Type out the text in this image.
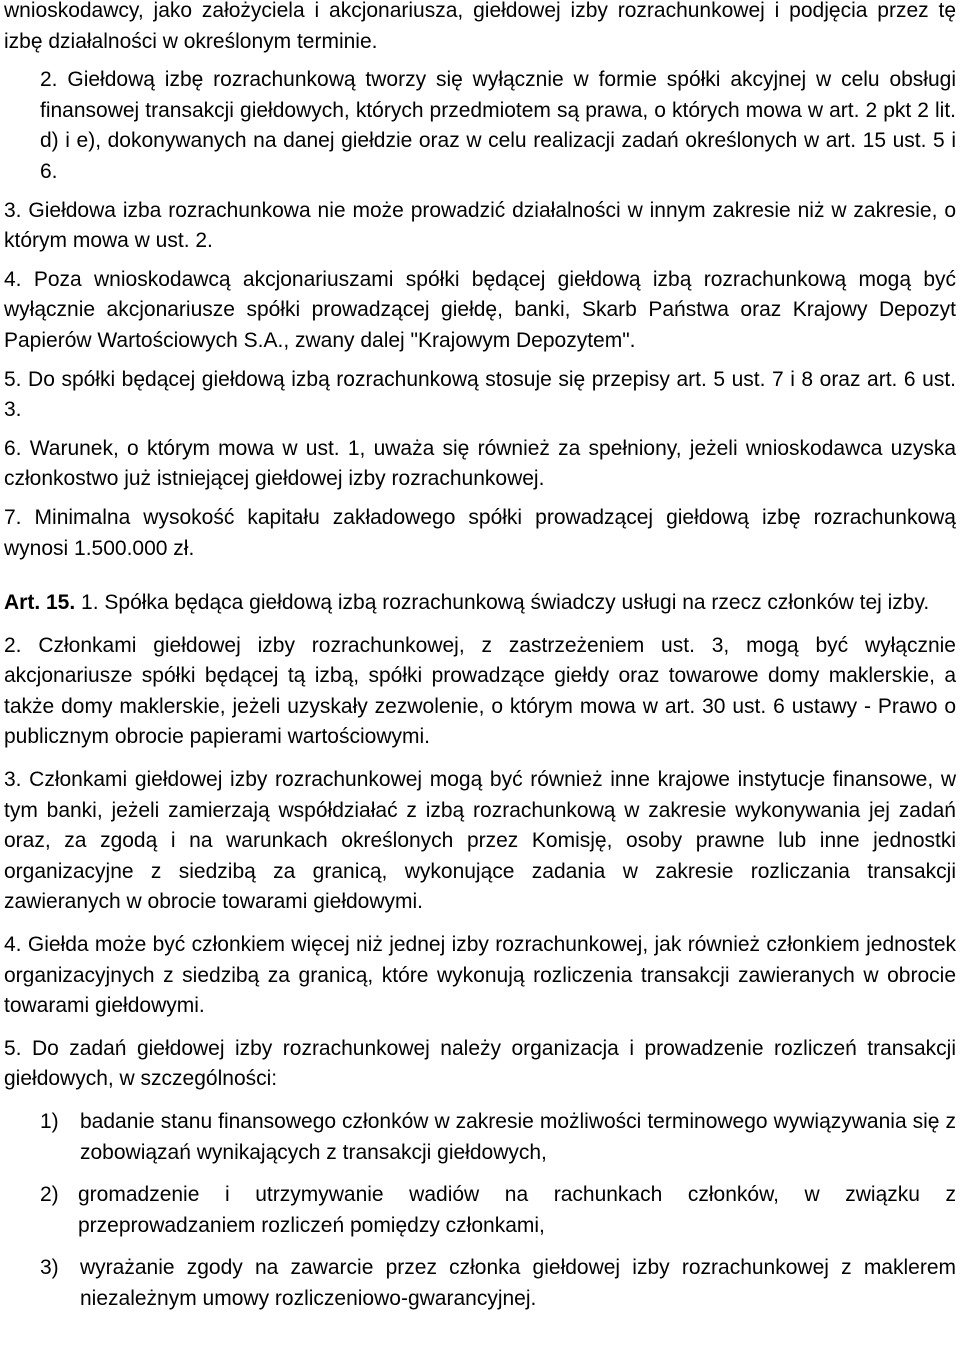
wnioskodawcy, jako założyciela i akcjonariusza, giełdowej izby rozrachunkowej i podjęcia przez tę izbę działalności w określonym terminie.

2. Giełdową izbę rozrachunkową tworzy się wyłącznie w formie spółki akcyjnej w celu obsługi finansowej transakcji giełdowych, których przedmiotem są prawa, o których mowa w art. 2 pkt 2 lit. d) i e), dokonywanych na danej giełdzie oraz w celu realizacji zadań określonych w art. 15 ust. 5 i 6.

3. Giełdowa izba rozrachunkowa nie może prowadzić działalności w innym zakresie niż w zakresie, o którym mowa w ust. 2.

4. Poza wnioskodawcą akcjonariuszami spółki będącej giełdową izbą rozrachunkową mogą być wyłącznie akcjonariusze spółki prowadzącej giełdę, banki, Skarb Państwa oraz Krajowy Depozyt Papierów Wartościowych S.A., zwany dalej "Krajowym Depozytem".

5. Do spółki będącej giełdową izbą rozrachunkową stosuje się przepisy art. 5 ust. 7 i 8 oraz art. 6 ust. 3.

6. Warunek, o którym mowa w ust. 1, uważa się również za spełniony, jeżeli wnioskodawca uzyska członkostwo już istniejącej giełdowej izby rozrachunkowej.

7. Minimalna wysokość kapitału zakładowego spółki prowadzącej giełdową izbę rozrachunkową wynosi 1.500.000 zł.

Art. 15. 1. Spółka będąca giełdową izbą rozrachunkową świadczy usługi na rzecz członków tej izby.

2. Członkami giełdowej izby rozrachunkowej, z zastrzeżeniem ust. 3, mogą być wyłącznie akcjonariusze spółki będącej tą izbą, spółki prowadzące giełdy oraz towarowe domy maklerskie, a także domy maklerskie, jeżeli uzyskały zezwolenie, o którym mowa w art. 30 ust. 6 ustawy - Prawo o publicznym obrocie papierami wartościowymi.

3. Członkami giełdowej izby rozrachunkowej mogą być również inne krajowe instytucje finansowe, w tym banki, jeżeli zamierzają współdziałać z izbą rozrachunkową w zakresie wykonywania jej zadań oraz, za zgodą i na warunkach określonych przez Komisję, osoby prawne lub inne jednostki organizacyjne z siedzibą za granicą, wykonujące zadania w zakresie rozliczania transakcji zawieranych w obrocie towarami giełdowymi.

4. Giełda może być członkiem więcej niż jednej izby rozrachunkowej, jak również członkiem jednostek organizacyjnych z siedzibą za granicą, które wykonują rozliczenia transakcji zawieranych w obrocie towarami giełdowymi.

5. Do zadań giełdowej izby rozrachunkowej należy organizacja i prowadzenie rozliczeń transakcji giełdowych, w szczególności:

1)	badanie stanu finansowego członków w zakresie możliwości terminowego wywiązywania się z zobowiązań wynikających z transakcji giełdowych,
2) gromadzenie i utrzymywanie wadiów na rachunkach członków, w związku z przeprowadzaniem rozliczeń pomiędzy członkami,
3)	wyrażanie zgody na zawarcie przez członka giełdowej izby rozrachunkowej z maklerem niezależnym umowy rozliczeniowo-gwarancyjnej.
